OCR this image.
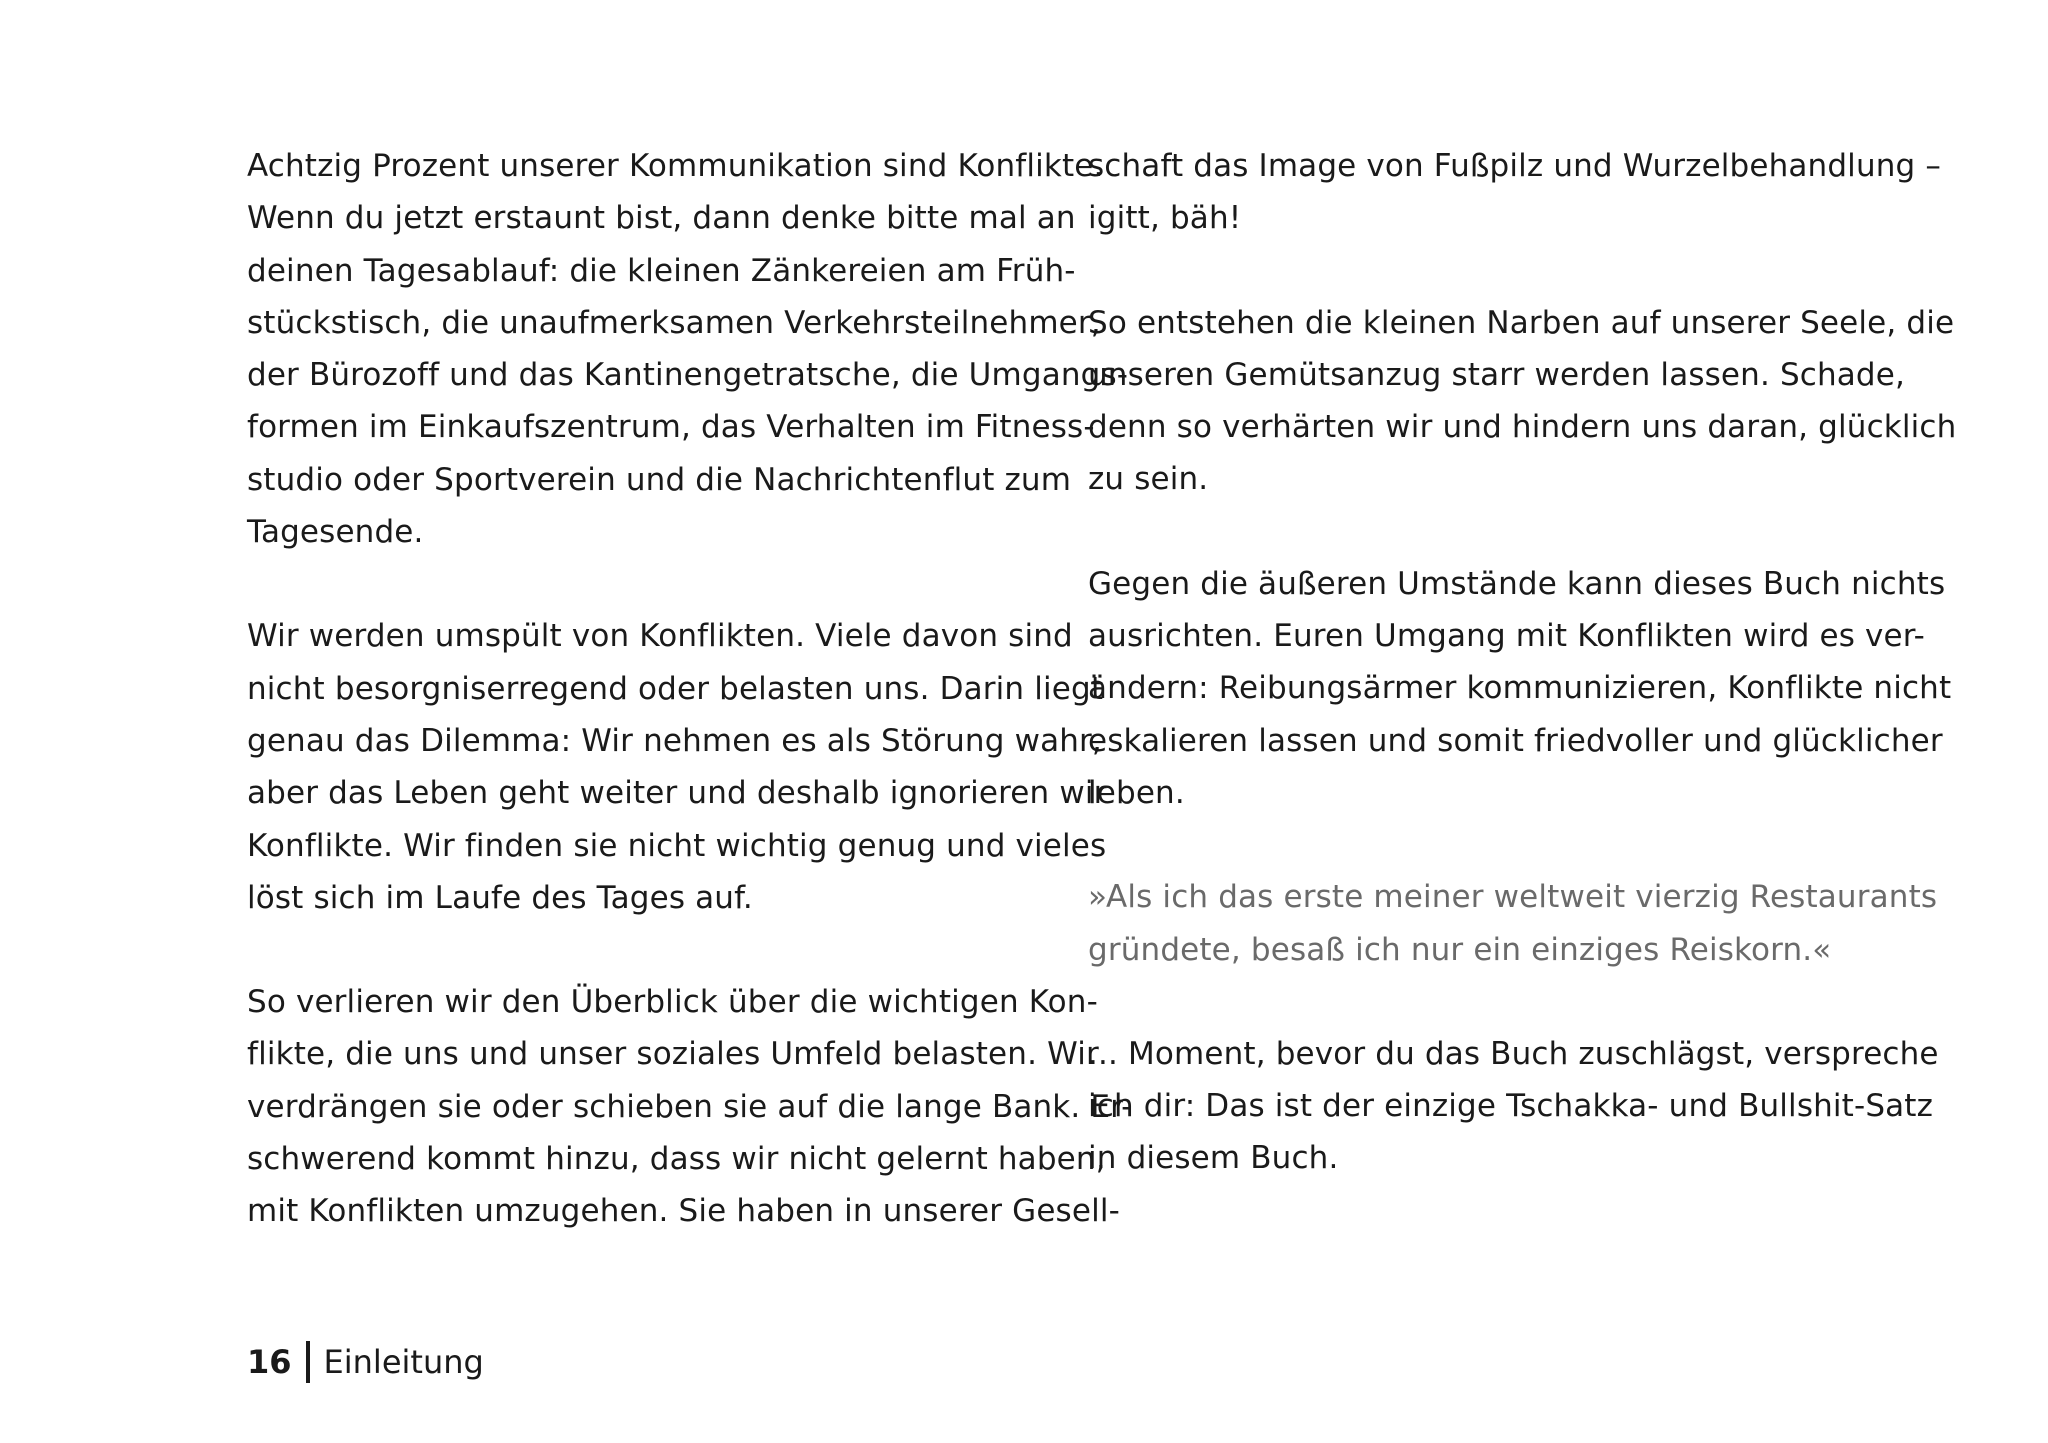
Achtzig Prozent unserer Kommunikation sind Konflikte.
Wenn du jetzt erstaunt bist, dann denke bitte mal an
deinen Tagesablauf: die kleinen Zänkereien am Früh-
stückstisch, die unaufmerksamen Verkehrsteilnehmer,
der Bürozoff und das Kantinengetratsche, die Umgangs-
formen im Einkaufszentrum, das Verhalten im Fitness-
studio oder Sportverein und die Nachrichtenflut zum
Tagesende.

Wir werden umspült von Konflikten. Viele davon sind
nicht besorgniserregend oder belasten uns. Darin liegt
genau das Dilemma: Wir nehmen es als Störung wahr,
aber das Leben geht weiter und deshalb ignorieren wir
Konflikte. Wir finden sie nicht wichtig genug und vieles
löst sich im Laufe des Tages auf.

So verlieren wir den Überblick über die wichtigen Kon-
flikte, die uns und unser soziales Umfeld belasten. Wir
verdrängen sie oder schieben sie auf die lange Bank. Er-
schwerend kommt hinzu, dass wir nicht gelernt haben,
mit Konflikten umzugehen. Sie haben in unserer Gesell-

schaft das Image von Fußpilz und Wurzelbehandlung –
igitt, bäh!

So entstehen die kleinen Narben auf unserer Seele, die
unseren Gemütsanzug starr werden lassen. Schade,
denn so verhärten wir und hindern uns daran, glücklich
zu sein.

Gegen die äußeren Umstände kann dieses Buch nichts
ausrichten. Euren Umgang mit Konflikten wird es ver-
ändern: Reibungsärmer kommunizieren, Konflikte nicht
eskalieren lassen und somit friedvoller und glücklicher
leben.

»Als ich das erste meiner weltweit vierzig Restaurants
gründete, besaß ich nur ein einziges Reiskorn.«

... Moment, bevor du das Buch zuschlägst, verspreche
ich dir: Das ist der einzige Tschakka- und Bullshit-Satz
in diesem Buch.

16 Einleitung
